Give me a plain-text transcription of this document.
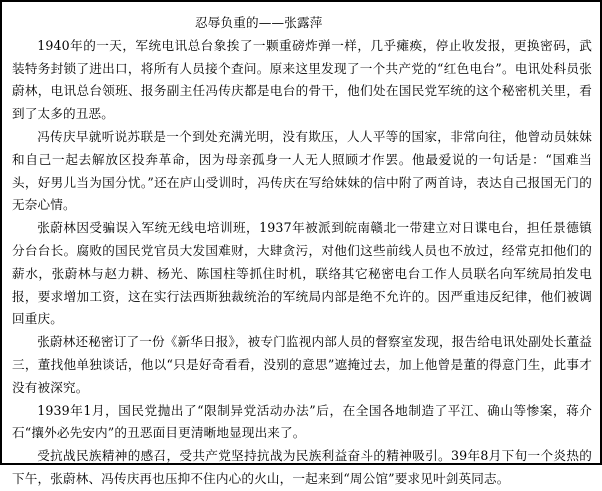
忍辱负重的——张露萍

1940年的一天，军统电讯总台象挨了一颗重磅炸弹一样，几乎瘫痪，停止收发报，更换密码，武装特务封锁了进出口，将所有人员接个查问。原来这里发现了一个共产党的“红色电台”。电讯处科员张蔚林，电讯总台领班、报务副主任冯传庆都是电台的骨干，他们处在国民党军统的这个秘密机关里，看到了太多的丑恶。

冯传庆早就听说苏联是一个到处充满光明，没有欺压，人人平等的国家，非常向往，他曾动员妹妹和自己一起去解放区投奔革命，因为母亲孤身一人无人照顾才作罢。他最爱说的一句话是：“国难当头，好男儿当为国分忧。”还在庐山受训时，冯传庆在写给妹妹的信中附了两首诗，表达自己报国无门的无奈心情。

张蔚林因受骗误入军统无线电培训班，1937年被派到皖南赣北一带建立对日谍电台，担任景德镇分台台长。腐败的国民党官员大发国难财，大肆贪污，对他们这些前线人员也不放过，经常克扣他们的薪水，张蔚林与赵力耕、杨光、陈国柱等抓住时机，联络其它秘密电台工作人员联名向军统局拍发电报，要求增加工资，这在实行法西斯独裁统治的军统局内部是绝不允许的。因严重违反纪律，他们被调回重庆。

张蔚林还秘密订了一份《新华日报》，被专门监视内部人员的督察室发现，报告给电讯处副处长董益三，董找他单独谈话，他以“只是好奇看看，没别的意思”遮掩过去，加上他曾是董的得意门生，此事才没有被深究。

1939年1月，国民党抛出了“限制异党活动办法”后，在全国各地制造了平江、确山等惨案，蒋介石“攘外必先安内”的丑恶面目更清晰地显现出来了。

受抗战民族精神的感召，受共产党坚持抗战为民族利益奋斗的精神吸引。39年8月下旬一个炎热的下午，张蔚林、冯传庆再也压抑不住内心的火山，一起来到“周公馆”要求见叶剑英同志。
